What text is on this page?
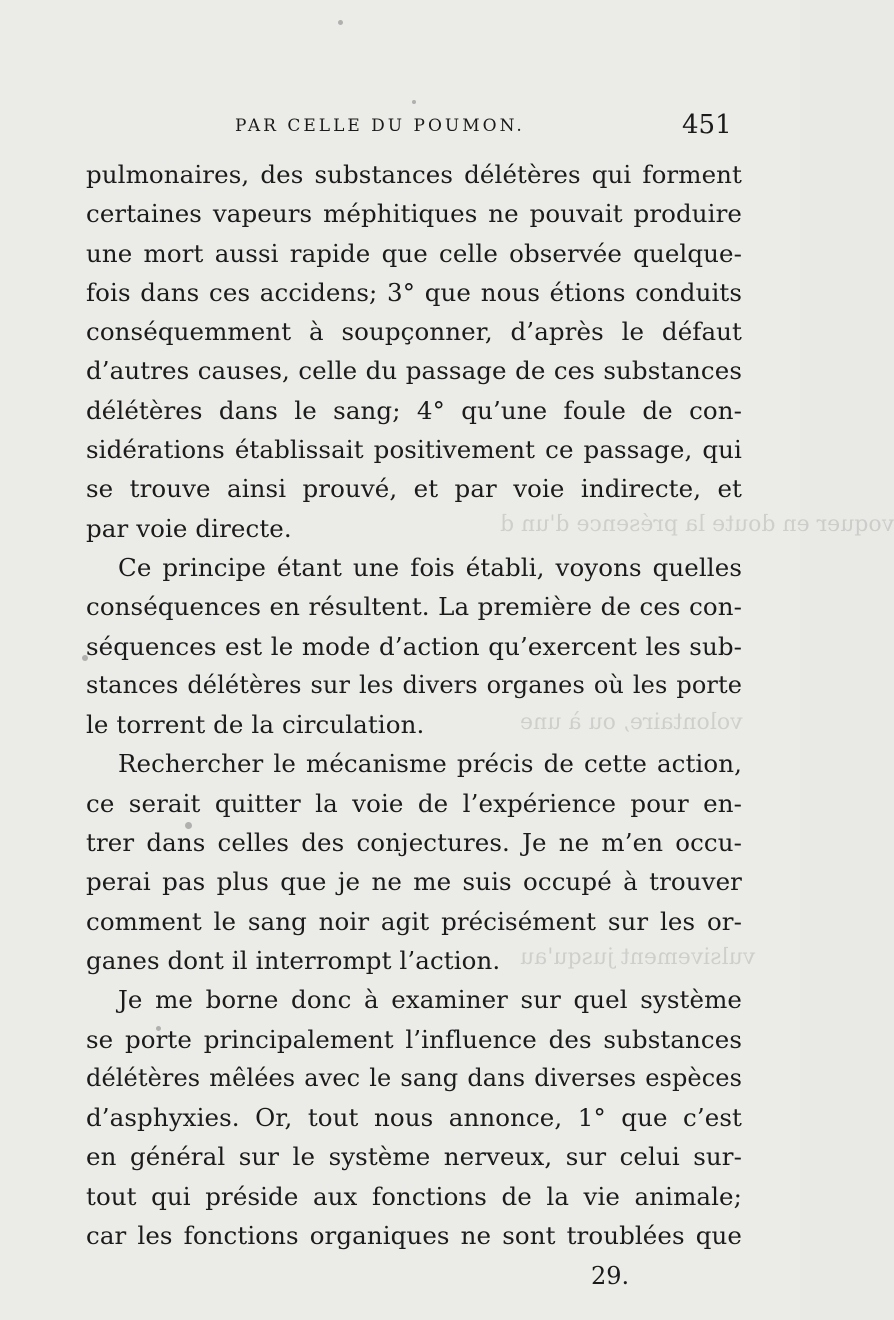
voquer en doute la présence d'un d
volontaire, ou à une
vulsivement jusqu'au
PAR CELLE DU POUMON.	451
pulmonaires, des substances délétères qui forment
certaines vapeurs méphitiques ne pouvait produire
une mort aussi rapide que celle observée quelque-
fois dans ces accidens; 3° que nous étions conduits
conséquemment à soupçonner, d’après le défaut
d’autres causes, celle du passage de ces substances
délétères dans le sang; 4° qu’une foule de con-
sidérations établissait positivement ce passage, qui
se trouve ainsi prouvé, et par voie indirecte, et
par voie directe.
Ce principe étant une fois établi, voyons quelles
conséquences en résultent. La première de ces con-
séquences est le mode d’action qu’exercent les sub-
stances délétères sur les divers organes où les porte
le torrent de la circulation.
Rechercher le mécanisme précis de cette action,
ce serait quitter la voie de l’expérience pour en-
trer dans celles des conjectures. Je ne m’en occu-
perai pas plus que je ne me suis occupé à trouver
comment le sang noir agit précisément sur les or-
ganes dont il interrompt l’action.
Je me borne donc à examiner sur quel système
se porte principalement l’influence des substances
délétères mêlées avec le sang dans diverses espèces
d’asphyxies. Or, tout nous annonce, 1° que c’est
en général sur le système nerveux, sur celui sur-
tout qui préside aux fonctions de la vie animale;
car les fonctions organiques ne sont troublées que
29.
